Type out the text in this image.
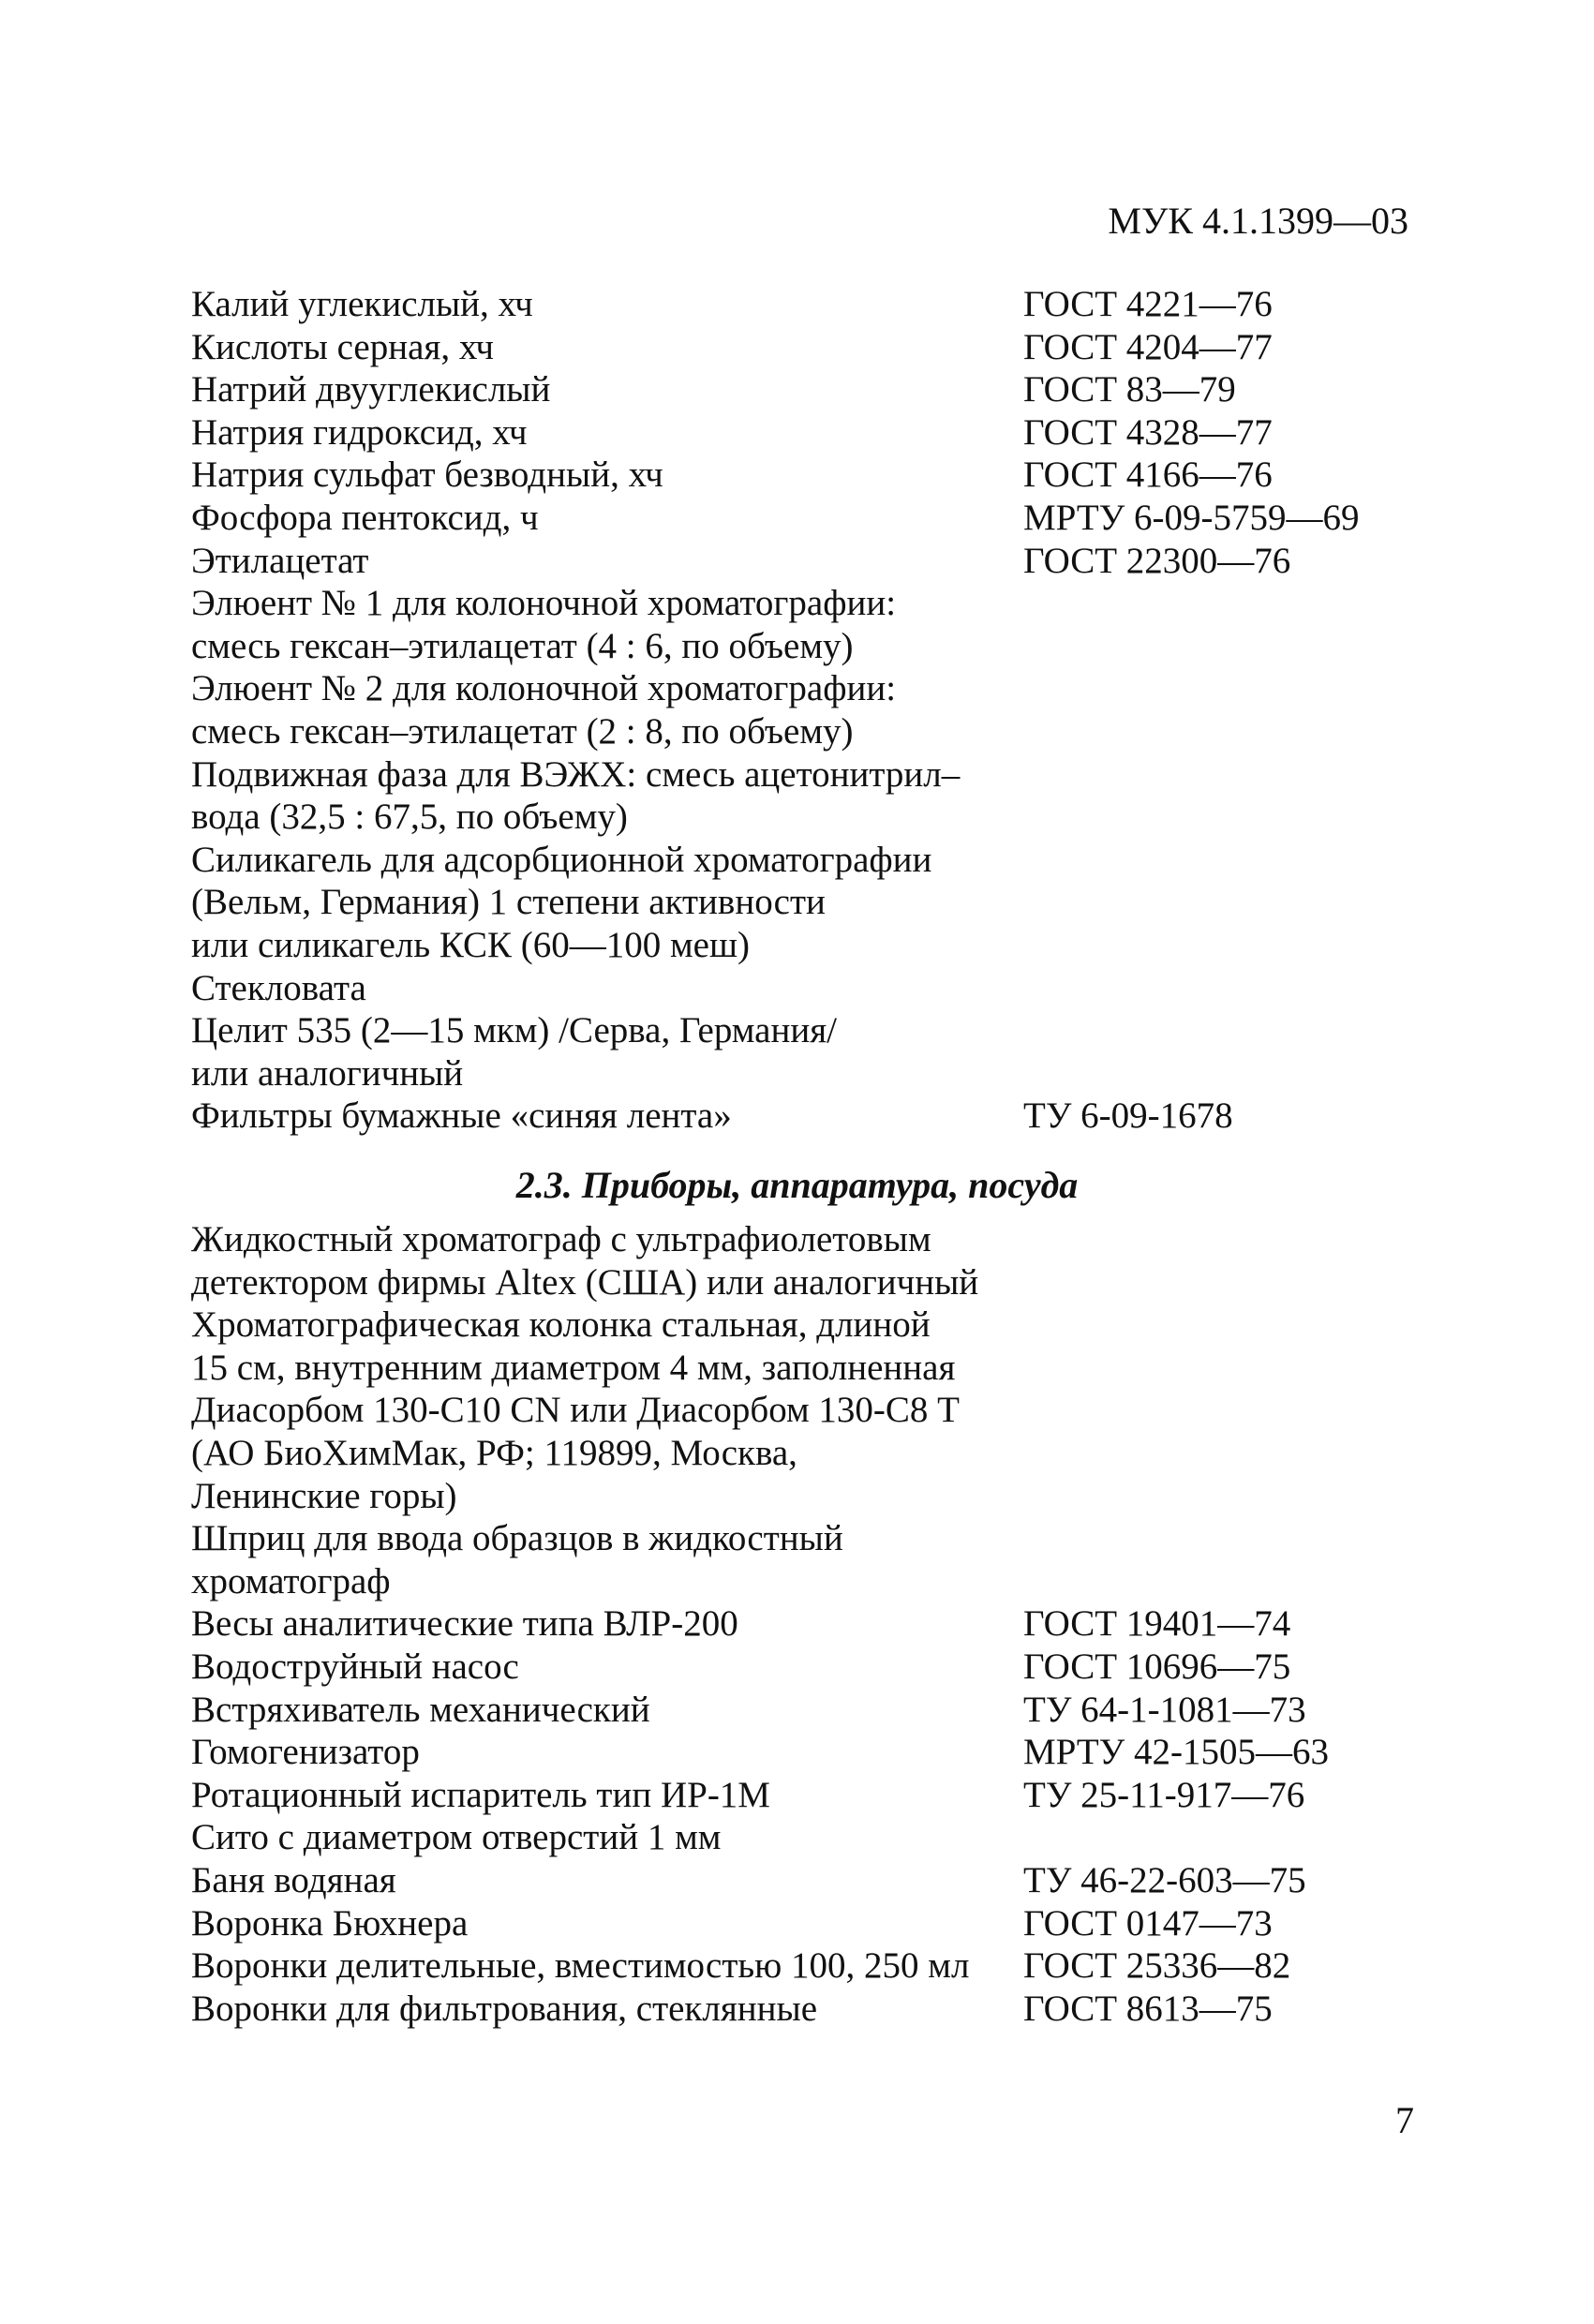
МУК 4.1.1399—03
Калий углекислый, хч	ГОСТ 4221—76
Кислоты серная, хч	ГОСТ 4204—77
Натрий двууглекислый	ГОСТ 83—79
Натрия гидроксид, хч	ГОСТ 4328—77
Натрия сульфат безводный, хч	ГОСТ 4166—76
Фосфора пентоксид, ч	МРТУ 6-09-5759—69
Этилацетат	ГОСТ 22300—76
Элюент № 1 для колоночной хроматографии:
смесь гексан–этилацетат (4 : 6, по объему)
Элюент № 2 для колоночной хроматографии:
смесь гексан–этилацетат (2 : 8, по объему)
Подвижная фаза для ВЭЖХ: смесь ацетонитрил–
вода (32,5 : 67,5, по объему)
Силикагель для адсорбционной хроматографии
(Вельм, Германия) 1 степени активности
или силикагель КСК (60—100 меш)
Стекловата
Целит 535 (2—15 мкм) /Серва, Германия/
или аналогичный
Фильтры бумажные «синяя лента»	ТУ 6-09-1678
2.3. Приборы, аппаратура, посуда
Жидкостный хроматограф с ультрафиолетовым
детектором фирмы Altex (США) или аналогичный
Хроматографическая колонка стальная, длиной
15 см, внутренним диаметром 4 мм, заполненная
Диасорбом 130-С10 CN или Диасорбом 130-С8 Т
(АО БиоХимМак, РФ; 119899, Москва,
Ленинские горы)
Шприц для ввода образцов в жидкостный
хроматограф
Весы аналитические типа ВЛР-200	ГОСТ 19401—74
Водоструйный насос	ГОСТ 10696—75
Встряхиватель механический	ТУ 64-1-1081—73
Гомогенизатор	МРТУ 42-1505—63
Ротационный испаритель тип ИР-1М	ТУ 25-11-917—76
Сито с диаметром отверстий 1 мм
Баня водяная	ТУ 46-22-603—75
Воронка Бюхнера	ГОСТ 0147—73
Воронки делительные, вместимостью 100, 250 мл ГОСТ 25336—82
Воронки для фильтрования, стеклянные	ГОСТ 8613—75
7
